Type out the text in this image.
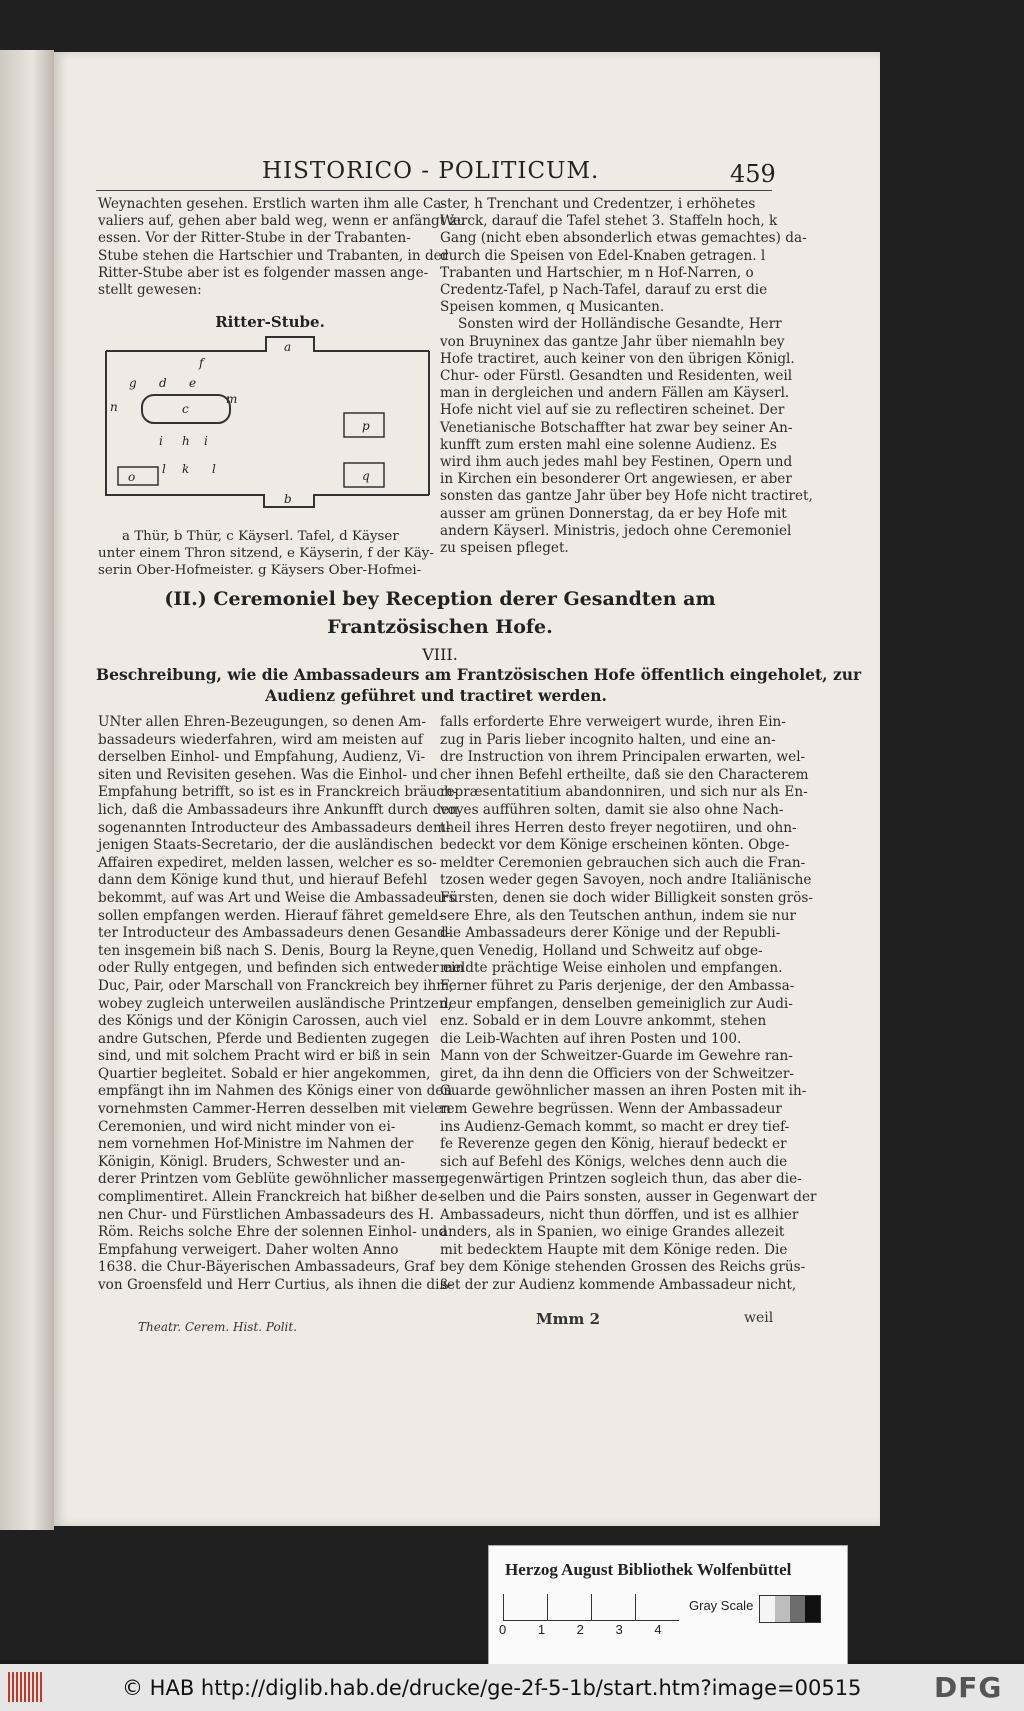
HISTORICO - POLITICUM.	459
Weynachten gesehen. Erstlich warten ihm alle Ca-
valiers auf, gehen aber bald weg, wenn er anfängt zu
essen. Vor der Ritter-Stube in der Trabanten-
Stube stehen die Hartschier und Trabanten, in der
Ritter-Stube aber ist es folgender massen ange-
stellt gewesen:
Ritter-Stube.
a
b
c
d e
f
g
h
i	i
k
l	l
m
n
o
p
q
a Thür, b Thür, c Käyserl. Tafel, d Käyser
unter einem Thron sitzend, e Käyserin, f der Käy-
serin Ober-Hofmeister. g Käysers Ober-Hofmei-
ster, h Trenchant und Credentzer, i erhöhetes
Werck, darauf die Tafel stehet 3. Staffeln hoch, k
Gang (nicht eben absonderlich etwas gemachtes) da-
durch die Speisen von Edel-Knaben getragen. l
Trabanten und Hartschier, m n Hof-Narren, o
Credentz-Tafel, p Nach-Tafel, darauf zu erst die
Speisen kommen, q Musicanten.
Sonsten wird der Holländische Gesandte, Herr
von Bruyninex das gantze Jahr über niemahln bey
Hofe tractiret, auch keiner von den übrigen Königl.
Chur- oder Fürstl. Gesandten und Residenten, weil
man in dergleichen und andern Fällen am Käyserl.
Hofe nicht viel auf sie zu reflectiren scheinet. Der
Venetianische Botschaffter hat zwar bey seiner An-
kunfft zum ersten mahl eine solenne Audienz. Es
wird ihm auch jedes mahl bey Festinen, Opern und
in Kirchen ein besonderer Ort angewiesen, er aber
sonsten das gantze Jahr über bey Hofe nicht tractiret,
ausser am grünen Donnerstag, da er bey Hofe mit
andern Käyserl. Ministris, jedoch ohne Ceremoniel
zu speisen pfleget.
(II.) Ceremoniel bey Reception derer Gesandten am
Frantzösischen Hofe.
VIII.
Beschreibung, wie die Ambassadeurs am Frantzösischen Hofe öffentlich eingeholet, zur
Audienz geführet und tractiret werden.
UNter allen Ehren-Bezeugungen, so denen Am-
bassadeurs wiederfahren, wird am meisten auf
derselben Einhol- und Empfahung, Audienz, Vi-
siten und Revisiten gesehen. Was die Einhol- und
Empfahung betrifft, so ist es in Franckreich bräuch-
lich, daß die Ambassadeurs ihre Ankunfft durch den
sogenannten Introducteur des Ambassadeurs dem-
jenigen Staats-Secretario, der die ausländischen
Affairen expediret, melden lassen, welcher es so-
dann dem Könige kund thut, und hierauf Befehl
bekommt, auf was Art und Weise die Ambassadeurs
sollen empfangen werden. Hierauf fähret gemeld-
ter Introducteur des Ambassadeurs denen Gesand-
ten insgemein biß nach S. Denis, Bourg la Reyne,
oder Rully entgegen, und befinden sich entweder ein
Duc, Pair, oder Marschall von Franckreich bey ihm,
wobey zugleich unterweilen ausländische Printzen,
des Königs und der Königin Carossen, auch viel
andre Gutschen, Pferde und Bedienten zugegen
sind, und mit solchem Pracht wird er biß in sein
Quartier begleitet. Sobald er hier angekommen,
empfängt ihn im Nahmen des Königs einer von den
vornehmsten Cammer-Herren desselben mit vielen
Ceremonien, und wird nicht minder von ei-
nem vornehmen Hof-Ministre im Nahmen der
Königin, Königl. Bruders, Schwester und an-
derer Printzen vom Geblüte gewöhnlicher massen
complimentiret. Allein Franckreich hat bißher de-
nen Chur- und Fürstlichen Ambassadeurs des H.
Röm. Reichs solche Ehre der solennen Einhol- und
Empfahung verweigert. Daher wolten Anno
1638. die Chur-Bäyerischen Ambassadeurs, Graf
von Groensfeld und Herr Curtius, als ihnen die diß-
falls erforderte Ehre verweigert wurde, ihren Ein-
zug in Paris lieber incognito halten, und eine an-
dre Instruction von ihrem Principalen erwarten, wel-
cher ihnen Befehl ertheilte, daß sie den Characterem
repræsentatitium abandonniren, und sich nur als En-
voyes aufführen solten, damit sie also ohne Nach-
theil ihres Herren desto freyer negotiiren, und ohn-
bedeckt vor dem Könige erscheinen könten. Obge-
meldter Ceremonien gebrauchen sich auch die Fran-
tzosen weder gegen Savoyen, noch andre Italiänische
Fürsten, denen sie doch wider Billigkeit sonsten grös-
sere Ehre, als den Teutschen anthun, indem sie nur
die Ambassadeurs derer Könige und der Republi-
quen Venedig, Holland und Schweitz auf obge-
meldte prächtige Weise einholen und empfangen.
Ferner führet zu Paris derjenige, der den Ambassa-
deur empfangen, denselben gemeiniglich zur Audi-
enz. Sobald er in dem Louvre ankommt, stehen
die Leib-Wachten auf ihren Posten und 100.
Mann von der Schweitzer-Guarde im Gewehre ran-
giret, da ihn denn die Officiers von der Schweitzer-
Guarde gewöhnlicher massen an ihren Posten mit ih-
rem Gewehre begrüssen. Wenn der Ambassadeur
ins Audienz-Gemach kommt, so macht er drey tief-
fe Reverenze gegen den König, hierauf bedeckt er
sich auf Befehl des Königs, welches denn auch die
gegenwärtigen Printzen sogleich thun, das aber die-
selben und die Pairs sonsten, ausser in Gegenwart der
Ambassadeurs, nicht thun dörffen, und ist es allhier
anders, als in Spanien, wo einige Grandes allezeit
mit bedecktem Haupte mit dem Könige reden. Die
bey dem Könige stehenden Grossen des Reichs grüs-
set der zur Audienz kommende Ambassadeur nicht,
Theatr. Cerem. Hist. Polit.	Mmm 2	weil
Herzog August Bibliothek Wolfenbüttel
0 1 2 3 4
Gray Scale
© HAB http://diglib.hab.de/drucke/ge-2f-5-1b/start.htm?image=00515	DFG
